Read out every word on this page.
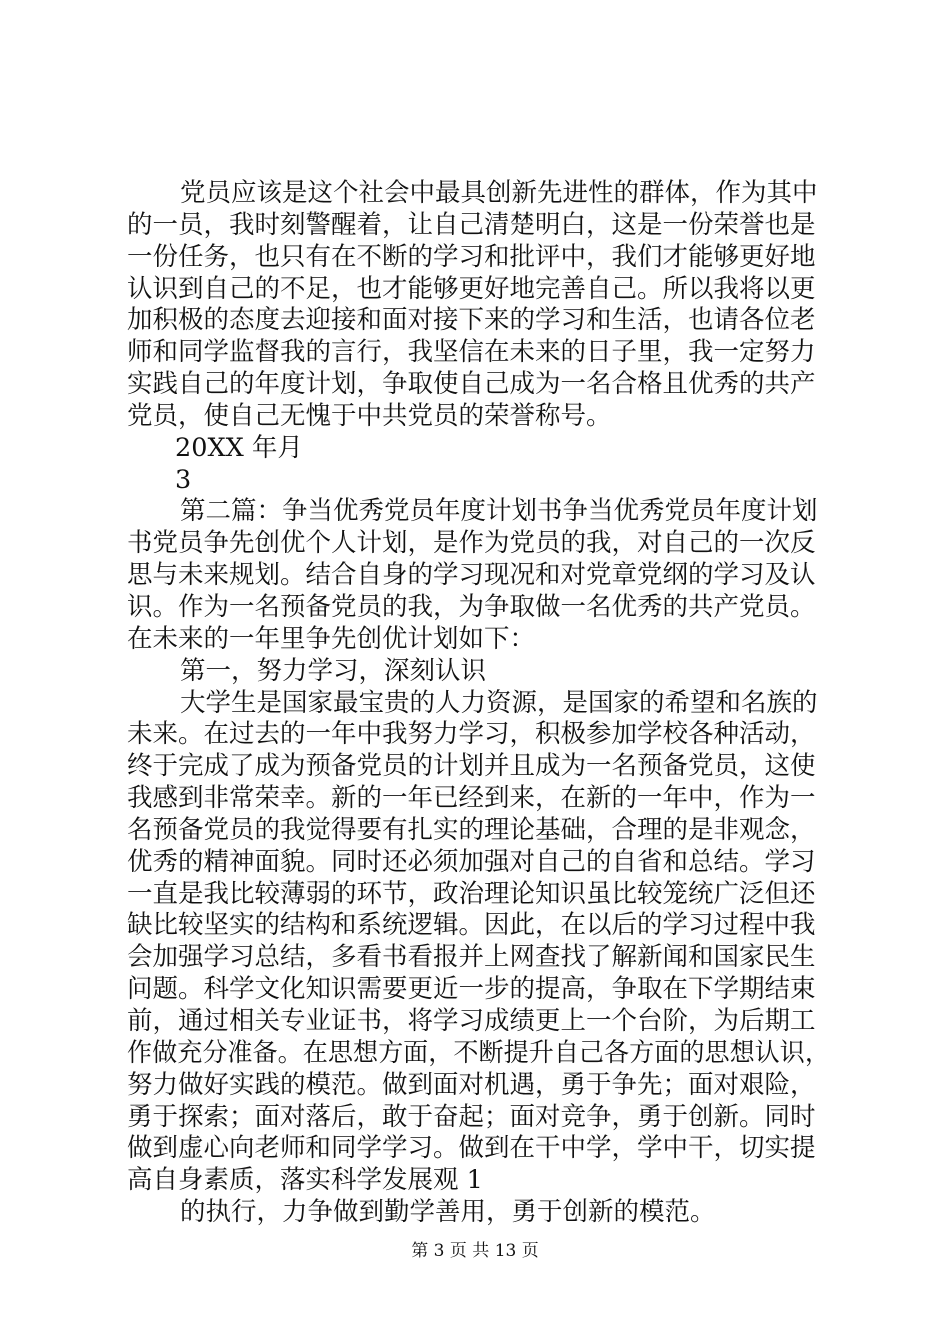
党员应该是这个社会中最具创新先进性的群体，作为其中
的一员，我时刻警醒着，让自己清楚明白，这是一份荣誉也是
一份任务，也只有在不断的学习和批评中，我们才能够更好地
认识到自己的不足，也才能够更好地完善自己。所以我将以更
加积极的态度去迎接和面对接下来的学习和生活，也请各位老
师和同学监督我的言行，我坚信在未来的日子里，我一定努力
实践自己的年度计划，争取使自己成为一名合格且优秀的共产
党员，使自己无愧于中共党员的荣誉称号。
20XX 年月
3
第二篇：争当优秀党员年度计划书争当优秀党员年度计划
书党员争先创优个人计划，是作为党员的我，对自己的一次反
思与未来规划。结合自身的学习现况和对党章党纲的学习及认
识。作为一名预备党员的我，为争取做一名优秀的共产党员。
在未来的一年里争先创优计划如下：
第一，努力学习，深刻认识
大学生是国家最宝贵的人力资源，是国家的希望和名族的
未来。在过去的一年中我努力学习，积极参加学校各种活动，
终于完成了成为预备党员的计划并且成为一名预备党员，这使
我感到非常荣幸。新的一年已经到来，在新的一年中，作为一
名预备党员的我觉得要有扎实的理论基础，合理的是非观念，
优秀的精神面貌。同时还必须加强对自己的自省和总结。学习
一直是我比较薄弱的环节，政治理论知识虽比较笼统广泛但还
缺比较坚实的结构和系统逻辑。因此，在以后的学习过程中我
会加强学习总结，多看书看报并上网查找了解新闻和国家民生
问题。科学文化知识需要更近一步的提高，争取在下学期结束
前，通过相关专业证书，将学习成绩更上一个台阶，为后期工
作做充分准备。在思想方面，不断提升自己各方面的思想认识，
努力做好实践的模范。做到面对机遇，勇于争先；面对艰险，
勇于探索；面对落后，敢于奋起；面对竞争，勇于创新。同时
做到虚心向老师和同学学习。做到在干中学，学中干，切实提
高自身素质，落实科学发展观 1
的执行，力争做到勤学善用，勇于创新的模范。
第 3 页 共 13 页
